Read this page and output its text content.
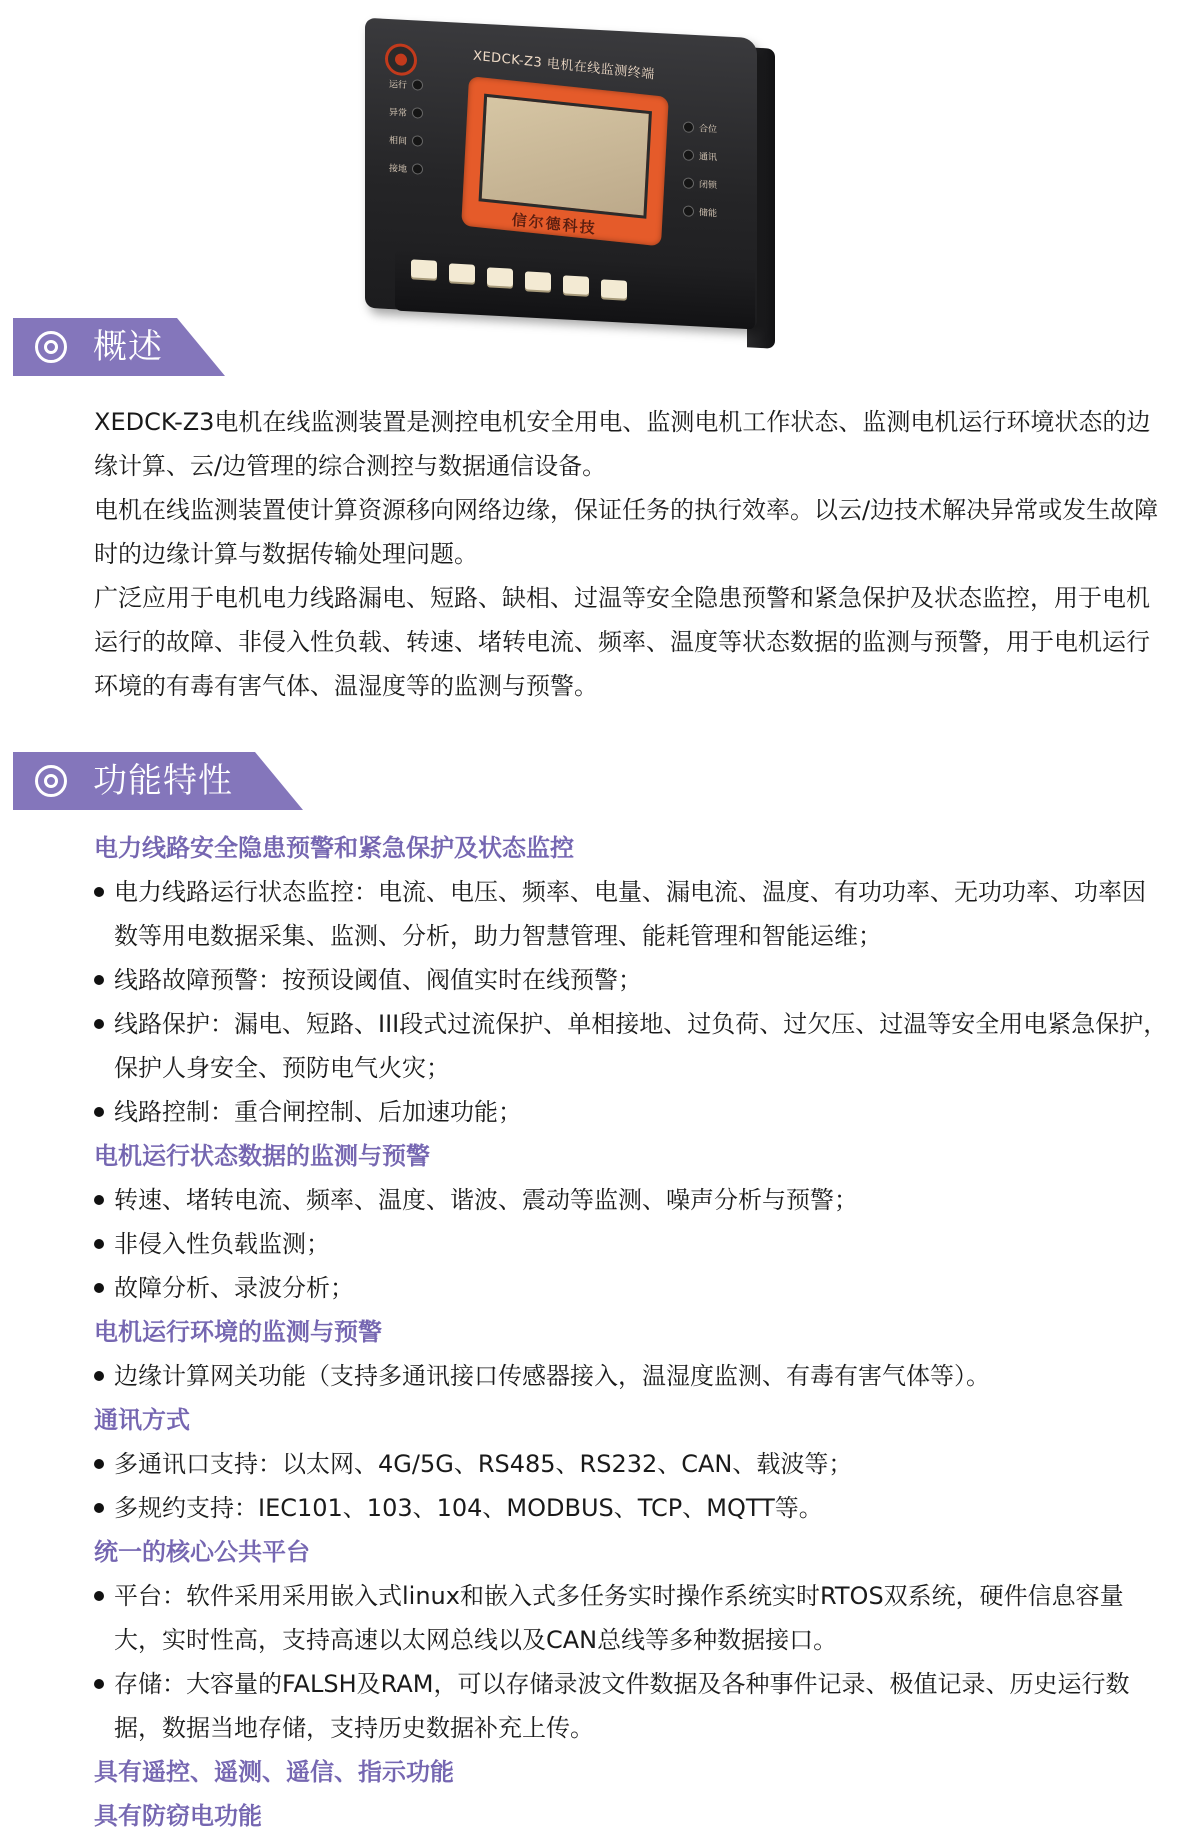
XEDCK-Z3 电机在线监测终端
运行
异常
相间
接地
信尔德科技
合位
通讯
闭锁
储能
概述

XEDCK-Z3电机在线监测装置是测控电机安全用电、监测电机工作状态、监测电机运行环境状态的边缘计算、云/边管理的综合测控与数据通信设备。

电机在线监测装置使计算资源移向网络边缘，保证任务的执行效率。以云/边技术解决异常或发生故障时的边缘计算与数据传输处理问题。

广泛应用于电机电力线路漏电、短路、缺相、过温等安全隐患预警和紧急保护及状态监控，用于电机运行的故障、非侵入性负载、转速、堵转电流、频率、温度等状态数据的监测与预警，用于电机运行环境的有毒有害气体、温湿度等的监测与预警。

功能特性

电力线路安全隐患预警和紧急保护及状态监控

电力线路运行状态监控：电流、电压、频率、电量、漏电流、温度、有功功率、无功功率、功率因数等用电数据采集、监测、分析，助力智慧管理、能耗管理和智能运维；

线路故障预警：按预设阈值、阀值实时在线预警；

线路保护：漏电、短路、III段式过流保护、单相接地、过负荷、过欠压、过温等安全用电紧急保护，保护人身安全、预防电气火灾；

线路控制：重合闸控制、后加速功能；

电机运行状态数据的监测与预警

转速、堵转电流、频率、温度、谐波、震动等监测、噪声分析与预警；

非侵入性负载监测；

故障分析、录波分析；

电机运行环境的监测与预警

边缘计算网关功能（支持多通讯接口传感器接入，温湿度监测、有毒有害气体等）。

通讯方式

多通讯口支持：以太网、4G/5G、RS485、RS232、CAN、载波等；

多规约支持：IEC101、103、104、MODBUS、TCP、MQTT等。

统一的核心公共平台

平台：软件采用采用嵌入式linux和嵌入式多任务实时操作系统实时RTOS双系统，硬件信息容量大，实时性高，支持高速以太网总线以及CAN总线等多种数据接口。

存储：大容量的FALSH及RAM，可以存储录波文件数据及各种事件记录、极值记录、历史运行数据，数据当地存储，支持历史数据补充上传。

具有遥控、遥测、遥信、指示功能

具有防窃电功能
